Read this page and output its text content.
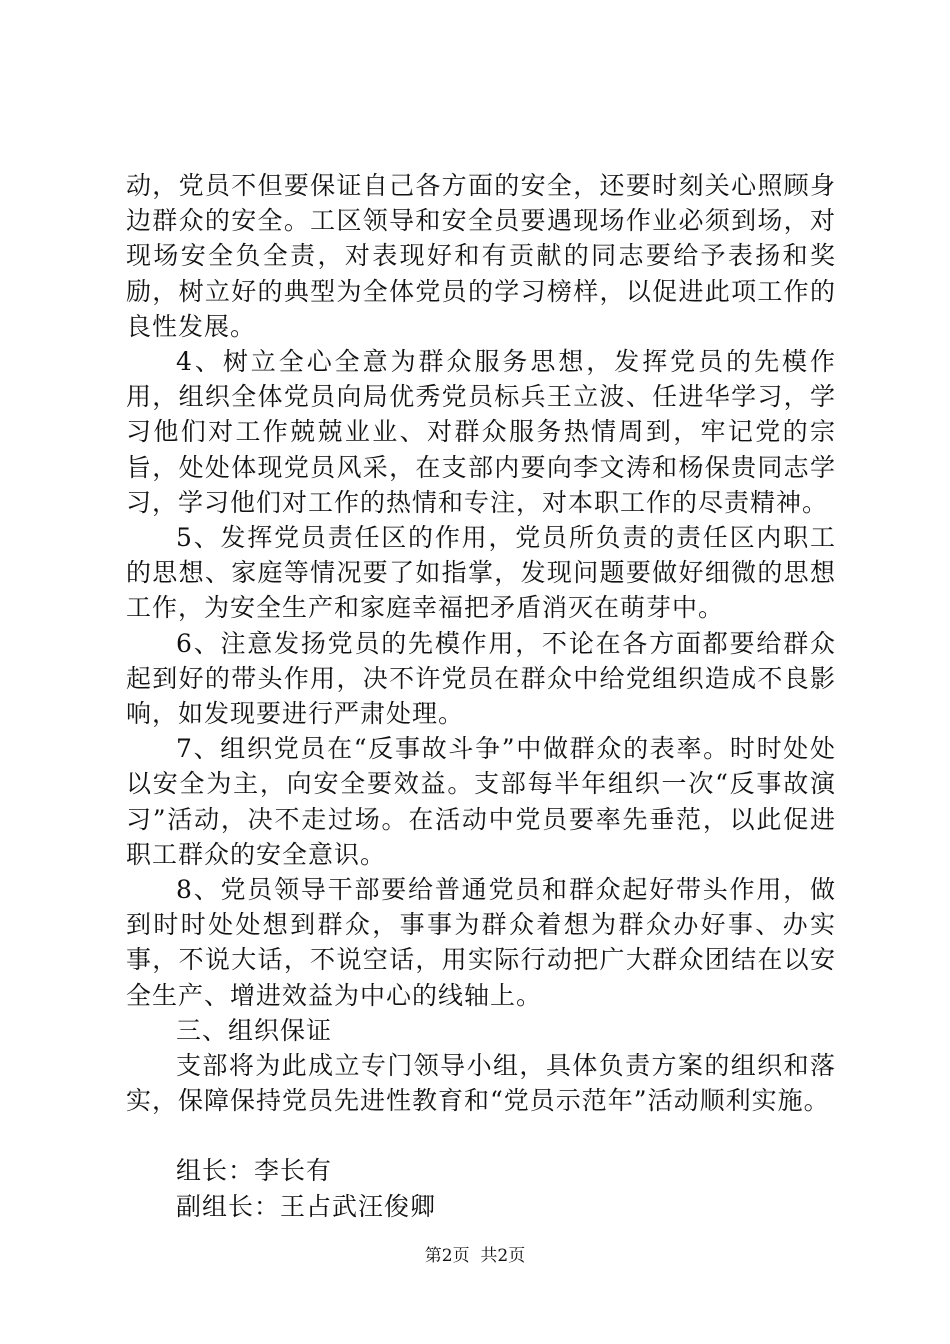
动，党员不但要保证自己各方面的安全，还要时刻关心照顾身边群众的安全。工区领导和安全员要遇现场作业必须到场，对现场安全负全责，对表现好和有贡献的同志要给予表扬和奖励，树立好的典型为全体党员的学习榜样，以促进此项工作的良性发展。

4、树立全心全意为群众服务思想，发挥党员的先模作用，组织全体党员向局优秀党员标兵王立波、任进华学习，学习他们对工作兢兢业业、对群众服务热情周到，牢记党的宗旨，处处体现党员风采，在支部内要向李文涛和杨保贵同志学习，学习他们对工作的热情和专注，对本职工作的尽责精神。

5、发挥党员责任区的作用，党员所负责的责任区内职工的思想、家庭等情况要了如指掌，发现问题要做好细微的思想工作，为安全生产和家庭幸福把矛盾消灭在萌芽中。

6、注意发扬党员的先模作用，不论在各方面都要给群众起到好的带头作用，决不许党员在群众中给党组织造成不良影响，如发现要进行严肃处理。

7、组织党员在“反事故斗争”中做群众的表率。时时处处以安全为主，向安全要效益。支部每半年组织一次“反事故演习”活动，决不走过场。在活动中党员要率先垂范，以此促进职工群众的安全意识。

8、党员领导干部要给普通党员和群众起好带头作用，做到时时处处想到群众，事事为群众着想为群众办好事、办实事，不说大话，不说空话，用实际行动把广大群众团结在以安全生产、增进效益为中心的线轴上。

三、组织保证

支部将为此成立专门领导小组，具体负责方案的组织和落实，保障保持党员先进性教育和“党员示范年”活动顺利实施。

组长：李长有

副组长：王占武汪俊卿

第2页  共2页
